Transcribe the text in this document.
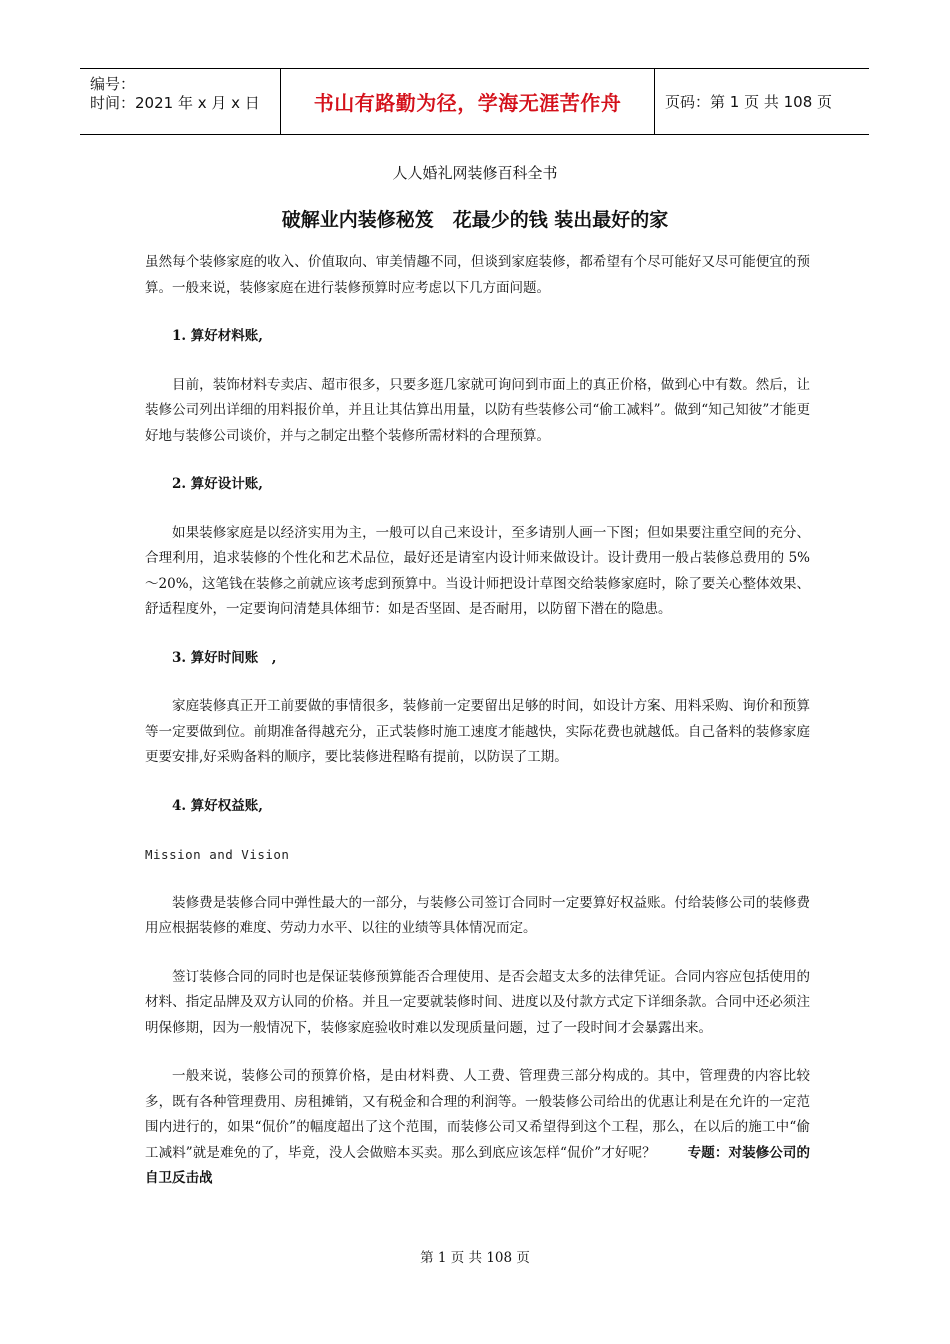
编号：
时间：2021 年 x 月 x 日	书山有路勤为径，学海无涯苦作舟	页码：第 1 页 共 108 页
人人婚礼网装修百科全书
破解业内装修秘笈　花最少的钱 装出最好的家

虽然每个装修家庭的收入、价值取向、审美情趣不同，但谈到家庭装修，都希望有个尽可能好又尽可能便宜的预算。一般来说，装修家庭在进行装修预算时应考虑以下几方面问题。

1. 算好材料账,

目前，装饰材料专卖店、超市很多，只要多逛几家就可询问到市面上的真正价格，做到心中有数。然后，让装修公司列出详细的用料报价单，并且让其估算出用量，以防有些装修公司“偷工减料”。做到“知己知彼”才能更好地与装修公司谈价，并与之制定出整个装修所需材料的合理预算。

2. 算好设计账,

如果装修家庭是以经济实用为主，一般可以自己来设计，至多请别人画一下图；但如果要注重空间的充分、合理利用，追求装修的个性化和艺术品位，最好还是请室内设计师来做设计。设计费用一般占装修总费用的 5%～20%，这笔钱在装修之前就应该考虑到预算中。当设计师把设计草图交给装修家庭时，除了要关心整体效果、舒适程度外，一定要询问清楚具体细节：如是否坚固、是否耐用，以防留下潜在的隐患。

3. 算好时间账　,

家庭装修真正开工前要做的事情很多，装修前一定要留出足够的时间，如设计方案、用料采购、询价和预算等一定要做到位。前期准备得越充分，正式装修时施工速度才能越快，实际花费也就越低。自己备料的装修家庭更要安排,好采购备料的顺序，要比装修进程略有提前，以防误了工期。

4. 算好权益账,

Mission and Vision

装修费是装修合同中弹性最大的一部分，与装修公司签订合同时一定要算好权益账。付给装修公司的装修费用应根据装修的难度、劳动力水平、以往的业绩等具体情况而定。

签订装修合同的同时也是保证装修预算能否合理使用、是否会超支太多的法律凭证。合同内容应包括使用的材料、指定品牌及双方认同的价格。并且一定要就装修时间、进度以及付款方式定下详细条款。合同中还必须注明保修期，因为一般情况下，装修家庭验收时难以发现质量问题，过了一段时间才会暴露出来。

一般来说，装修公司的预算价格，是由材料费、人工费、管理费三部分构成的。其中，管理费的内容比较多，既有各种管理费用、房租摊销，又有税金和合理的利润等。一般装修公司给出的优惠让利是在允许的一定范围内进行的，如果“侃价”的幅度超出了这个范围，而装修公司又希望得到这个工程，那么，在以后的施工中“偷工减料”就是难免的了，毕竟，没人会做赔本买卖。那么到底应该怎样“侃价”才好呢？ 专题：对装修公司的自卫反击战

第 1 页 共 108 页
